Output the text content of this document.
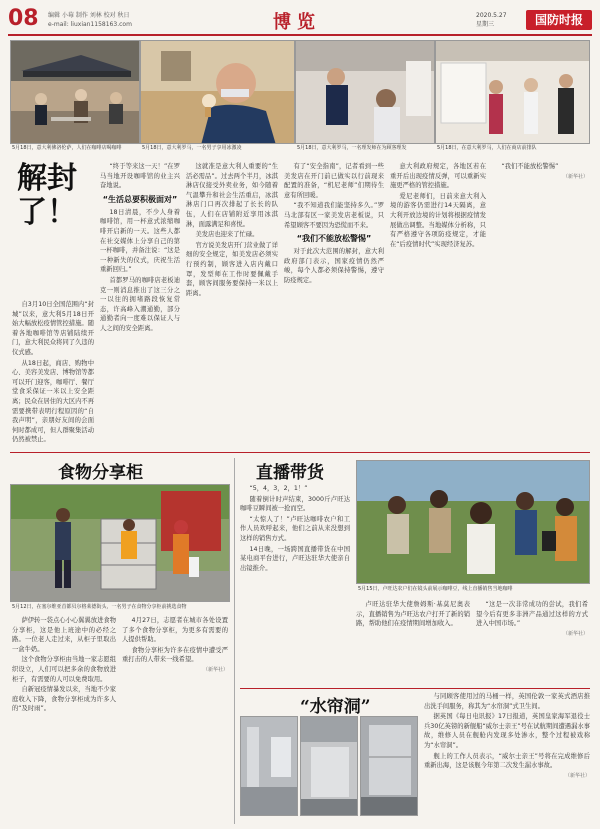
08 编辑 小莓 制作 刘林 校对 秋日
e-mail: liuxian1158163.com	博览	2020.5.27
星期三	国防时报
5月18日，意大利佛洛伦萨，人们在咖啡店喝咖啡	5月18日，意大利罗马，一名男子享用冰激凌	5月18日，意大利罗马，一名理发师在为顾客理发	5月18日，在意大利罗马，人们在商店前排队
解封了！

自3月10日全国范围内“封城”以来，意大利5月18日开始大幅放松疫情管控措施。随着各地咖啡馆等店铺陆续开门，意大利民众将同了久违的仪式感。

从18日起，商店、购物中心、美容美发店、博物馆等都可以开门迎客，咖啡厅、餐厅堂食采保证一米以上安全距离；民众在居住的大区内不再需要携带表明行程原因的“自我声明”，亲朋好友间的会面何时都成可，但人群聚集活动仍然被禁止。

“终于等来这一天！”在罗马当地开设咖啡馆的业主兴奋地说。

“生活总要积极面对”

18日清晨，不少人身着咖啡馆，用一杯意式浓缩咖啡开启新的一天。这些人都在社交媒体上分享自己的第一杯咖啡，并备注说：“这是一种新失的仪式，庆祝生活重新回归。”

首都罗马的咖啡店老板迪克一则消息推出了这三分之一以往的拥堵路段恢复常态，许高峰入潮通勤，部分通勤者向一度难以保证人与人之间的安全距离。

这就准是意大利人重要的“生活必需品”。过去两个半月，冰淇淋店仅接受外卖业务，如今随着气温攀升和社会生活重启，冰淇淋店门口再次排起了长长的队伍，人们在店铺附近享用冰淇淋，面露满足和喜悦。

美发店也迎来了忙碌。

官方说美发店开门营业做了详细的安全规定，如美发店必须实行预约制，顾客进入店内戴口罩，发型师在工作时要佩戴手套，顾客间服务要保持一米以上距离。

有了“安全指南”，记者看到一些美发店在开门前已做实以行前现来配置的准备，“机尼老师”们期待生意有所回暖。

“我不知道我们能坚持多久。”罗马北部有区一家美发店老板说，只希望顾客不要因为恐慌而不来。

“我们不能放松警惕”

对于此次大范围的解封，意大利政府部门表示，国家疫情仍然严峻，每个人都必须保持警惕，遵守防疫规定。

意大利政府规定，各地区若在重开后出现疫情反弹，可以重新实施更严格的管控措施。

爱尼老师们，日前来意大利入境的游客仍需进行14天隔离，意大利开放边境的计划将根据疫情发展做出调整。当地媒体分析称，只有严格遵守各项防疫规定，才能在“后疫情时代”实现经济复苏。

“我们不能放松警惕”

（新华社）
食物分享柜
5月12日，在塞尔维亚首都贝尔格莱德街头，一名男子在食物分享柜前挑选食物

萨伊转一袋点心小心翼翼放进食物分享柜，这是他上班途中的必经之路。一位老人走过来，从柜子里取出一盒牛奶。

这个食物分享柜由当地一家志愿组织设立，人们可以把多余的食物放进柜子，有需要的人可以免费取用。

自新冠疫情暴发以来，当地不少家庭收入下降，食物分享柜成为许多人的“及时雨”。

4月27日，志愿者在城市各处设置了多个食物分享柜，为更多有需要的人提供帮助。

食物分享柜为许多在疫情中遭受严重打击的人带来一线希望。

（新华社）
直播带货

“5，4，3，2，1！”

随着倒计时声结束，3000斤卢旺达咖啡豆瞬间被一抢而空。

“太惊人了！”卢旺达咖啡农户和工作人员欢呼起来，他们之前从来没想到这样的销售方式。

14日晚，一场跨国直播带货在中国某电商平台进行，卢旺达驻华大使亲自出镜推介。

5月15日，卢旺达农户们在镜头前展示咖啡豆，线上直播销售当地咖啡

卢旺达驻华大使詹姆斯·基莫尼奥表示，直播销售为卢旺达农户打开了新的销路，帮助他们在疫情期间增加收入。

“这是一次非常成功的尝试，我们希望今后有更多非洲产品通过这样的方式进入中国市场。”

（新华社）
“水帘洞”

与同顾客使用过的马桶一样，英国伦敦一家英式酒店推出洗手间服务，称其为“水帘洞”式卫生间。

据英国《每日电讯报》17日报道，英国皇家海军退役士兵30亿英镑的新舰船“威尔士亲王”号在试航期间遭遇漏水事故，维修人员在舰舱内发现多处渗水，整个过程被戏称为“水帘洞”。

舰上的工作人员表示，“威尔士亲王”号将在完成维修后重新出海，这是该舰今年第二次发生漏水事故。

（新华社）
